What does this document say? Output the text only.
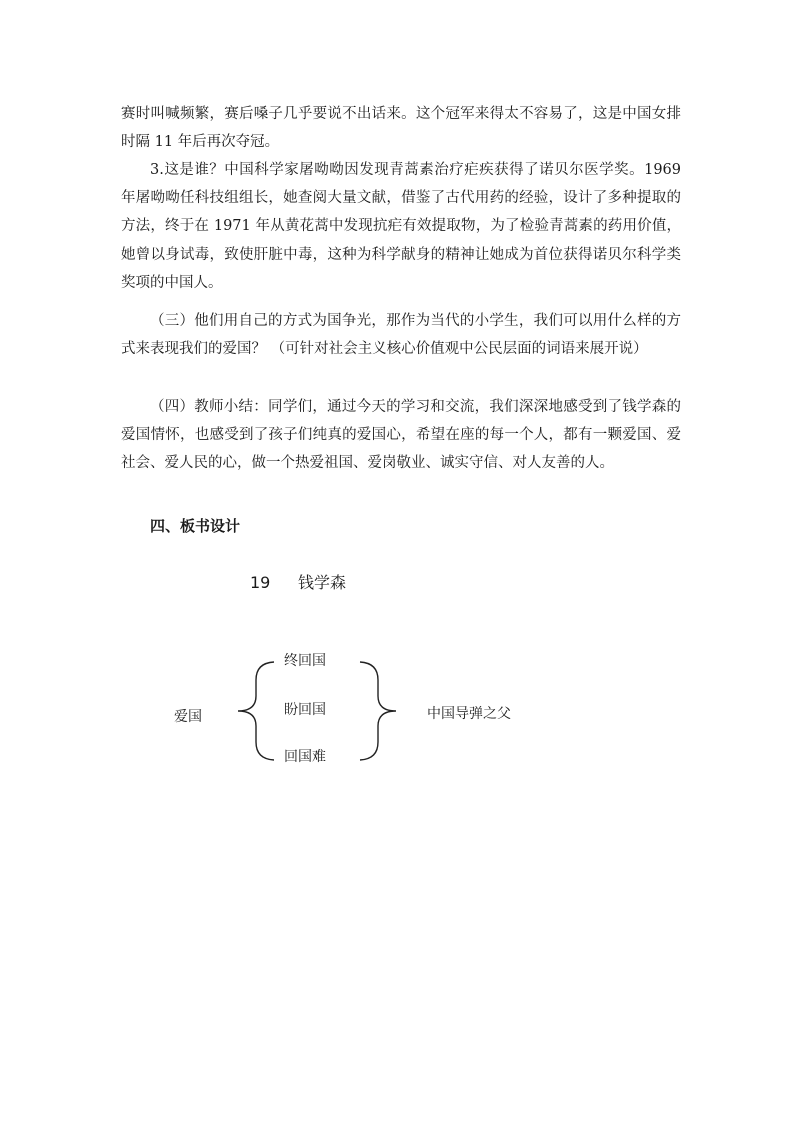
赛时叫喊频繁，赛后嗓子几乎要说不出话来。这个冠军来得太不容易了，这是中国女排时隔 11 年后再次夺冠。

3.这是谁？中国科学家屠呦呦因发现青蒿素治疗疟疾获得了诺贝尔医学奖。1969 年屠呦呦任科技组组长，她查阅大量文献，借鉴了古代用药的经验，设计了多种提取的方法，终于在 1971 年从黄花蒿中发现抗疟有效提取物，为了检验青蒿素的药用价值，她曾以身试毒，致使肝脏中毒，这种为科学献身的精神让她成为首位获得诺贝尔科学类奖项的中国人。

（三）他们用自己的方式为国争光，那作为当代的小学生，我们可以用什么样的方式来表现我们的爱国？ （可针对社会主义核心价值观中公民层面的词语来展开说）

（四）教师小结：同学们，通过今天的学习和交流，我们深深地感受到了钱学森的爱国情怀，也感受到了孩子们纯真的爱国心，希望在座的每一个人，都有一颗爱国、爱社会、爱人民的心，做一个热爱祖国、爱岗敬业、诚实守信、对人友善的人。

四、板书设计

19 钱学森
爱国
终回国
盼回国
回国难
中国导弹之父
